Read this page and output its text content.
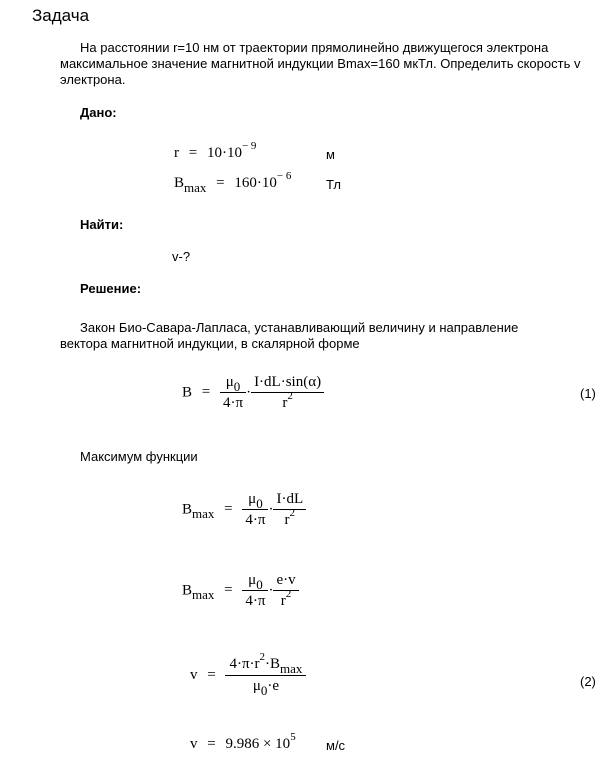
Задача
На расстоянии r=10 нм от траектории прямолинейно движущегося электрона
максимальное значение магнитной индукции Bmax=160 мкТл. Определить скорость v
электрона.
Дано:
$r = 10\cdot 10^{- 9}$
м
$B_{max} = 160\cdot 10^{- 6}$
Тл
Найти:
v-?
Решение:
Закон Био-Савара-Лапласа, устанавливающий величину и направление
вектора магнитной индукции, в скалярной форме
$B = \frac{\mu_0}{4\cdot\pi} \cdot \frac{I\cdot dL\cdot\sin(\alpha)}{r^2}$	(1)
Максимум функции
$B_{max} = \frac{\mu_0}{4\cdot\pi} \cdot \frac{I\cdot dL}{r^2}$
$B_{max} = \frac{\mu_0}{4\cdot\pi} \cdot \frac{e\cdot v}{r^2}$
$v = \frac{4\cdot\pi\cdot r^2\cdot B_{max}}{\mu_0\cdot e}$	(2)
$v = 9.986 \times 10^5$
м/с
